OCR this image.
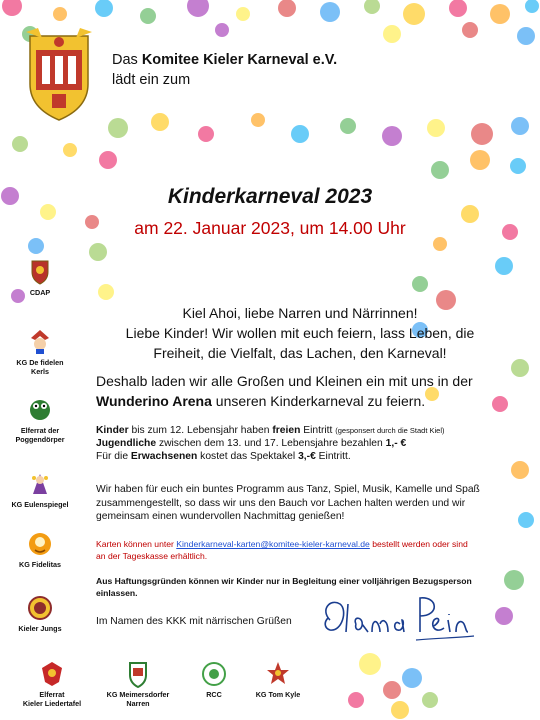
Das Komitee Kieler Karneval e.V.
lädt ein zum
Kinderkarneval 2023
am 22. Januar 2023, um 14.00 Uhr
Kiel Ahoi, liebe Narren und Närrinnen!
Liebe Kinder! Wir wollen mit euch feiern, lass Leben, die
Freiheit, die Vielfalt, das Lachen, den Karneval!
Deshalb laden wir alle Großen und Kleinen ein mit uns in der
Wunderino Arena unseren Kinderkarneval zu feiern.
Kinder bis zum 12. Lebensjahr haben freien Eintritt (gesponsert durch die Stadt Kiel)
Jugendliche zwischen dem 13. und 17. Lebensjahre bezahlen 1,- €
Für die Erwachsenen kostet das Spektakel 3,-€ Eintritt.
Wir haben für euch ein buntes Programm aus Tanz, Spiel, Musik, Kamelle und Spaß
zusammengestellt, so dass wir uns den Bauch vor Lachen halten werden und wir
gemeinsam einen wundervollen Nachmittag genießen!
Karten können unter Kinderkarneval-karten@komitee-kieler-karneval.de bestellt werden oder sind
an der Tageskasse erhältlich.
Aus Haftungsgründen können wir Kinder nur in Begleitung einer volljährigen Bezugsperson
einlassen.
Im Namen des KKK mit närrischen Grüßen
CDAP
KG De fidelen
Kerls
Elferrat der
Poggendörper
KG Eulenspiegel
KG Fidelitas
Kieler Jungs
Elferrat
Kieler Liedertafel
KG Meimersdorfer
Narren
RCC	KG Tom Kyle
